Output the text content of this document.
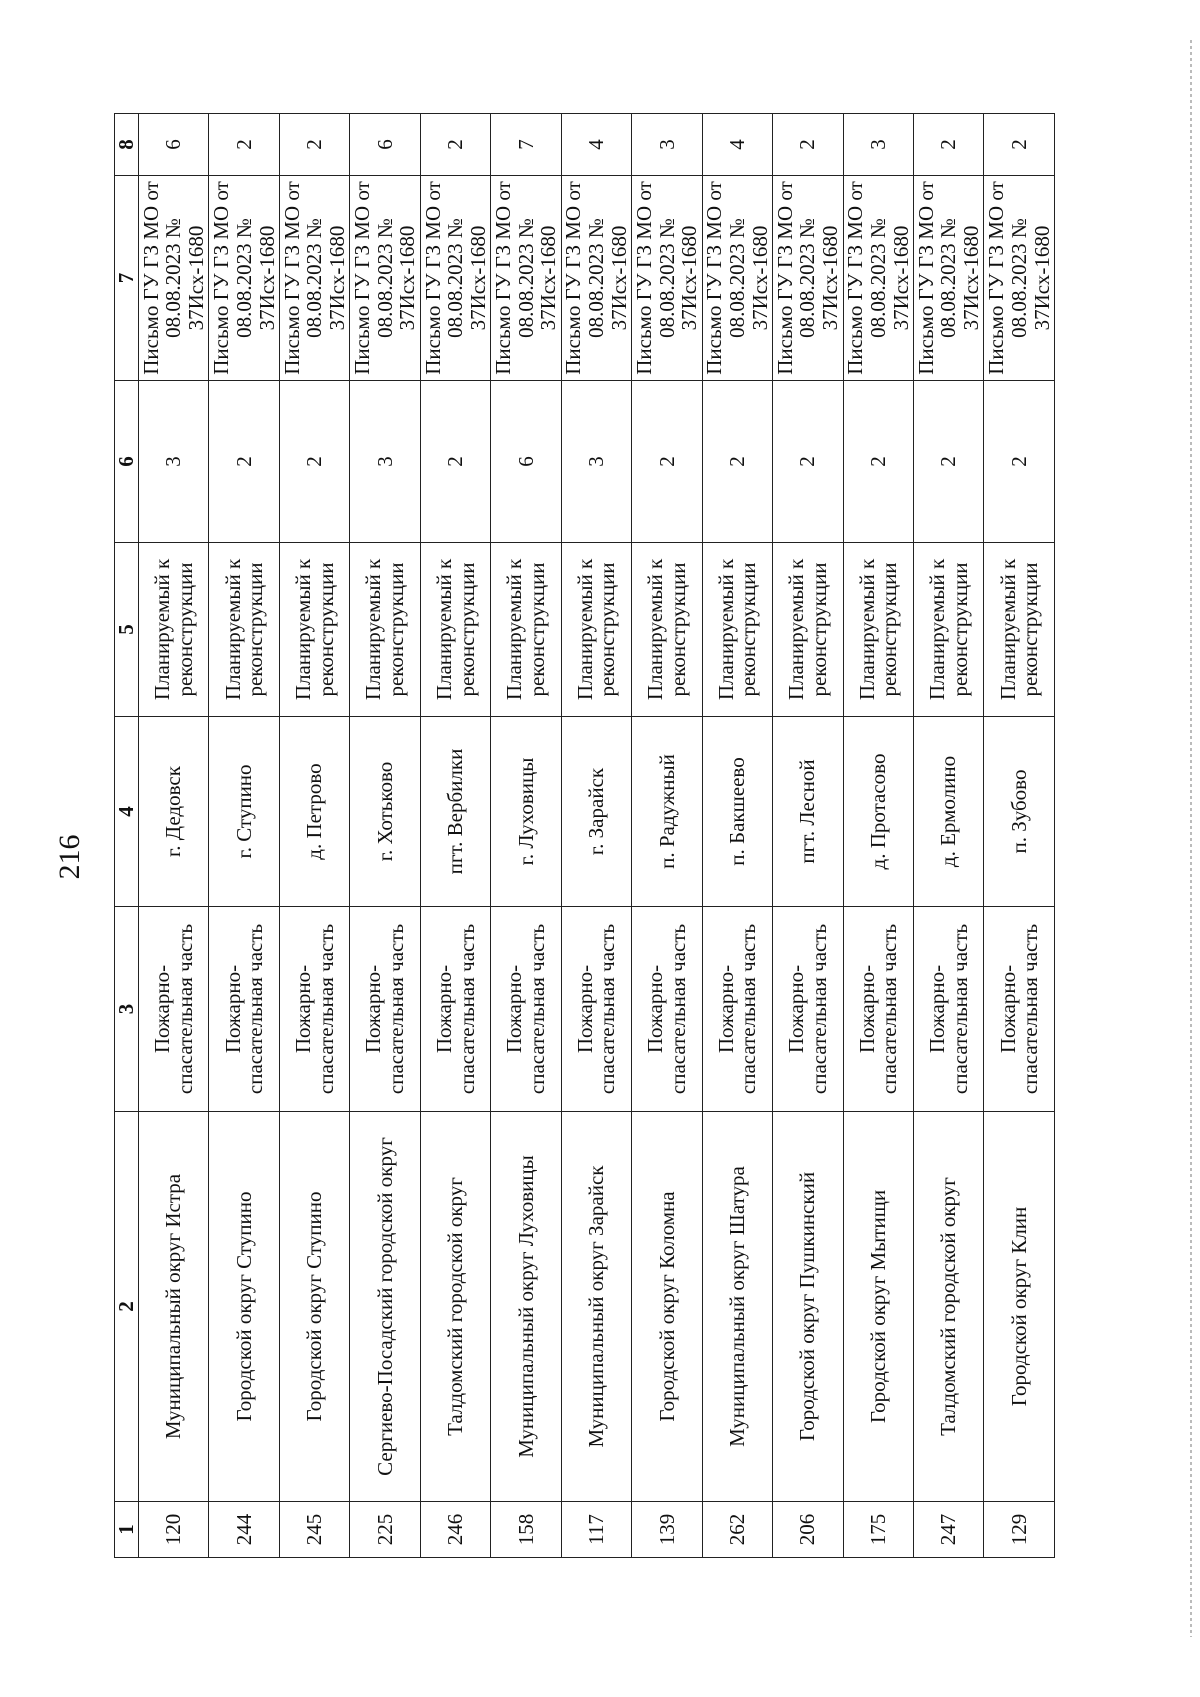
216
1	2	3	4	5	6	7	8
120	Муниципальный округ Истра	Пожарно-спасательная часть	г. Дедовск	Планируемый к реконструкции	3	Письмо ГУ ГЗ МО от 08.08.2023 № 37Исх-1680	6
244	Городской округ Ступино	Пожарно-спасательная часть	г. Ступино	Планируемый к реконструкции	2	Письмо ГУ ГЗ МО от 08.08.2023 № 37Исх-1680	2
245	Городской округ Ступино	Пожарно-спасательная часть	д. Петрово	Планируемый к реконструкции	2	Письмо ГУ ГЗ МО от 08.08.2023 № 37Исх-1680	2
225	Сергиево-Посадский городской округ	Пожарно-спасательная часть	г. Хотьково	Планируемый к реконструкции	3	Письмо ГУ ГЗ МО от 08.08.2023 № 37Исх-1680	6
246	Талдомский городской округ	Пожарно-спасательная часть	пгт. Вербилки	Планируемый к реконструкции	2	Письмо ГУ ГЗ МО от 08.08.2023 № 37Исх-1680	2
158	Муниципальный округ Луховицы	Пожарно-спасательная часть	г. Луховицы	Планируемый к реконструкции	6	Письмо ГУ ГЗ МО от 08.08.2023 № 37Исх-1680	7
117	Муниципальный округ Зарайск	Пожарно-спасательная часть	г. Зарайск	Планируемый к реконструкции	3	Письмо ГУ ГЗ МО от 08.08.2023 № 37Исх-1680	4
139	Городской округ Коломна	Пожарно-спасательная часть	п. Радужный	Планируемый к реконструкции	2	Письмо ГУ ГЗ МО от 08.08.2023 № 37Исх-1680	3
262	Муниципальный округ Шатура	Пожарно-спасательная часть	п. Бакшеево	Планируемый к реконструкции	2	Письмо ГУ ГЗ МО от 08.08.2023 № 37Исх-1680	4
206	Городской округ Пушкинский	Пожарно-спасательная часть	пгт. Лесной	Планируемый к реконструкции	2	Письмо ГУ ГЗ МО от 08.08.2023 № 37Исх-1680	2
175	Городской округ Мытищи	Пожарно-спасательная часть	д. Протасово	Планируемый к реконструкции	2	Письмо ГУ ГЗ МО от 08.08.2023 № 37Исх-1680	3
247	Талдомский городской округ	Пожарно-спасательная часть	д. Ермолино	Планируемый к реконструкции	2	Письмо ГУ ГЗ МО от 08.08.2023 № 37Исх-1680	2
129	Городской округ Клин	Пожарно-спасательная часть	п. Зубово	Планируемый к реконструкции	2	Письмо ГУ ГЗ МО от 08.08.2023 № 37Исх-1680	2
